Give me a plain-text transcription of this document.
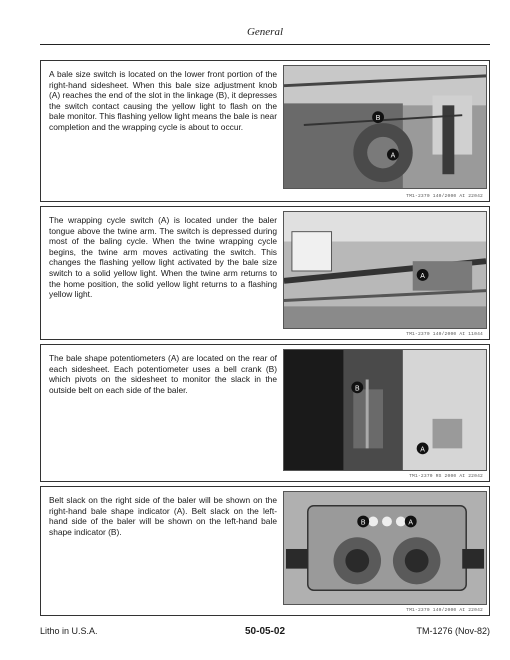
General
A bale size switch is located on the lower front portion of the right-hand sidesheet. When this bale size adjustment knob (A) reaches the end of the slot in the linkage (B), it depresses the switch contact causing the yellow light to flash on the bale monitor. This flashing yellow light means the bale is near completion and the wrapping cycle is about to occur.
B
A
TM1-2370 140/2000 AI 22042
The wrapping cycle switch (A) is located under the baler tongue above the twine arm. The switch is depressed during most of the baling cycle. When the twine wrapping cycle begins, the twine arm moves activating the switch. This changes the flashing yellow light activated by the bale size switch to a solid yellow light. When the twine arm returns to the home position, the solid yellow light returns to a flashing yellow light.
A
TM1-2370 140/2000 AI 11044
The bale shape potentiometers (A) are located on the rear of each sidesheet. Each potentiometer uses a bell crank (B) which pivots on the sidesheet to monitor the slack in the outside belt on each side of the baler.	B
A
TM1-2370 RS 2000 AI 22042
Belt slack on the right side of the baler will be shown on the right-hand bale shape indicator (A). Belt slack on the left-hand side of the baler will be shown on the left-hand bale shape indicator (B).
B	A
TM1-2370 140/2000 AI 22042
Litho in U.S.A.	50-05-02	TM-1276 (Nov-82)
